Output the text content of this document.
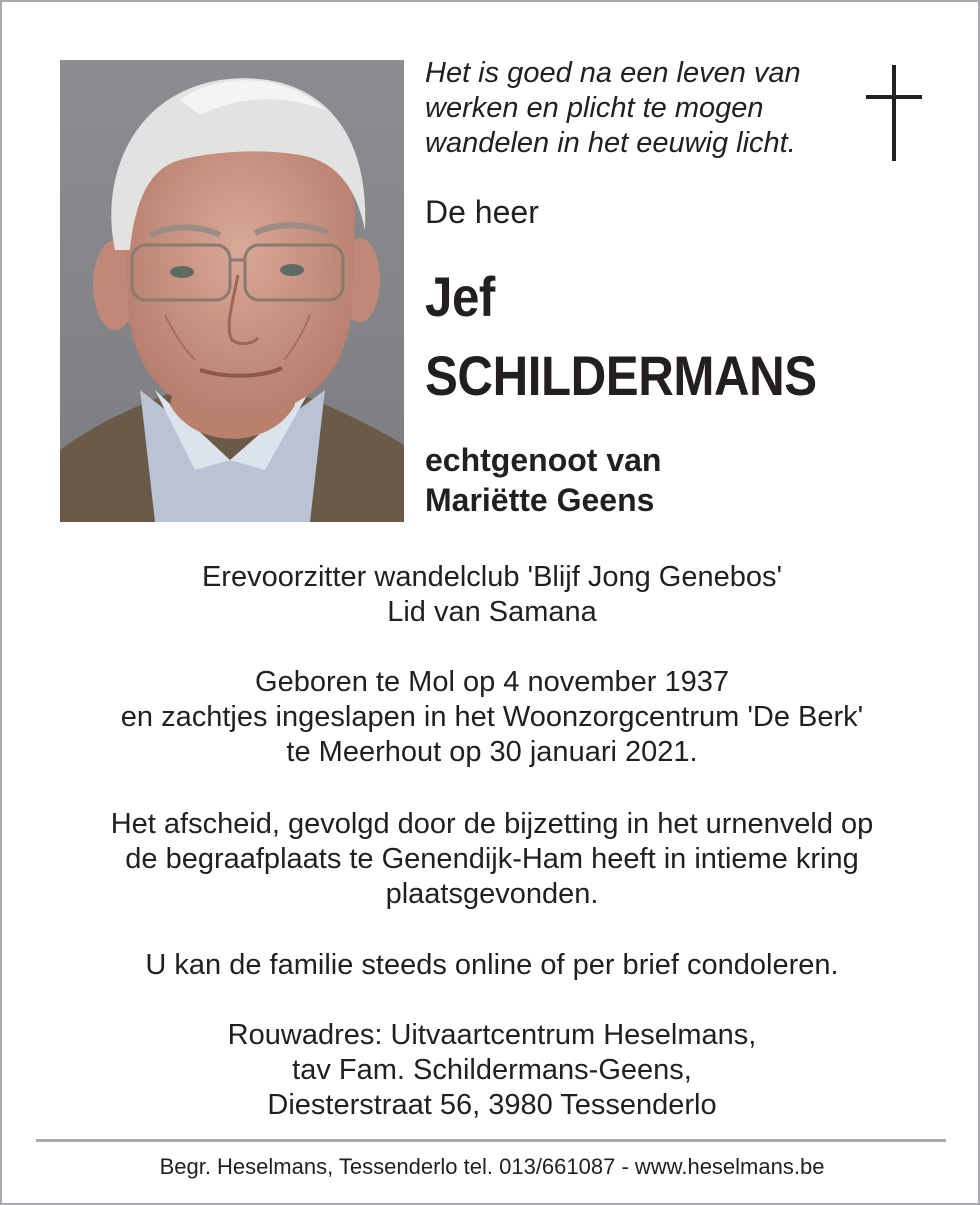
Het is goed na een leven van
werken en plicht te mogen
wandelen in het eeuwig licht.
De heer
Jef
SCHILDERMANS
echtgenoot van
Mariëtte Geens
Erevoorzitter wandelclub 'Blijf Jong Genebos'
Lid van Samana
Geboren te Mol op 4 november 1937
en zachtjes ingeslapen in het Woonzorgcentrum 'De Berk'
te Meerhout op 30 januari 2021.
Het afscheid, gevolgd door de bijzetting in het urnenveld op
de begraafplaats te Genendijk-Ham heeft in intieme kring
plaatsgevonden.
U kan de familie steeds online of per brief condoleren.
Rouwadres: Uitvaartcentrum Heselmans,
tav Fam. Schildermans-Geens,
Diesterstraat 56, 3980 Tessenderlo
Begr. Heselmans, Tessenderlo tel. 013/661087 - www.heselmans.be
